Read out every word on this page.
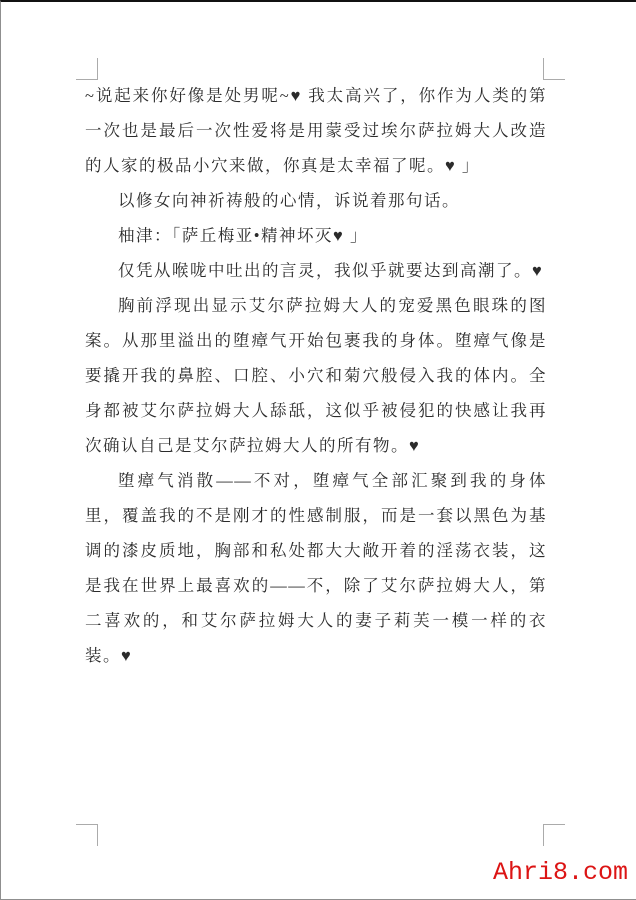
~说起来你好像是处男呢~♥ 我太高兴了，你作为人类的第一次也是最后一次性爱将是用蒙受过埃尔萨拉姆大人改造的人家的极品小穴来做，你真是太幸福了呢。♥ 」

以修女向神祈祷般的心情，诉说着那句话。

柚津：「萨丘梅亚•精神坏灭♥ 」

仅凭从喉咙中吐出的言灵，我似乎就要达到高潮了。♥

胸前浮现出显示艾尔萨拉姆大人的宠爱黑色眼珠的图案。从那里溢出的堕瘴气开始包裹我的身体。堕瘴气像是要撬开我的鼻腔、口腔、小穴和菊穴般侵入我的体内。全身都被艾尔萨拉姆大人舔舐，这似乎被侵犯的快感让我再次确认自己是艾尔萨拉姆大人的所有物。♥

堕瘴气消散——不对，堕瘴气全部汇聚到我的身体里，覆盖我的不是刚才的性感制服，而是一套以黑色为基调的漆皮质地，胸部和私处都大大敞开着的淫荡衣装，这是我在世界上最喜欢的——不，除了艾尔萨拉姆大人，第二喜欢的，和艾尔萨拉姆大人的妻子莉芙一模一样的衣装。♥

Ahri8.com
